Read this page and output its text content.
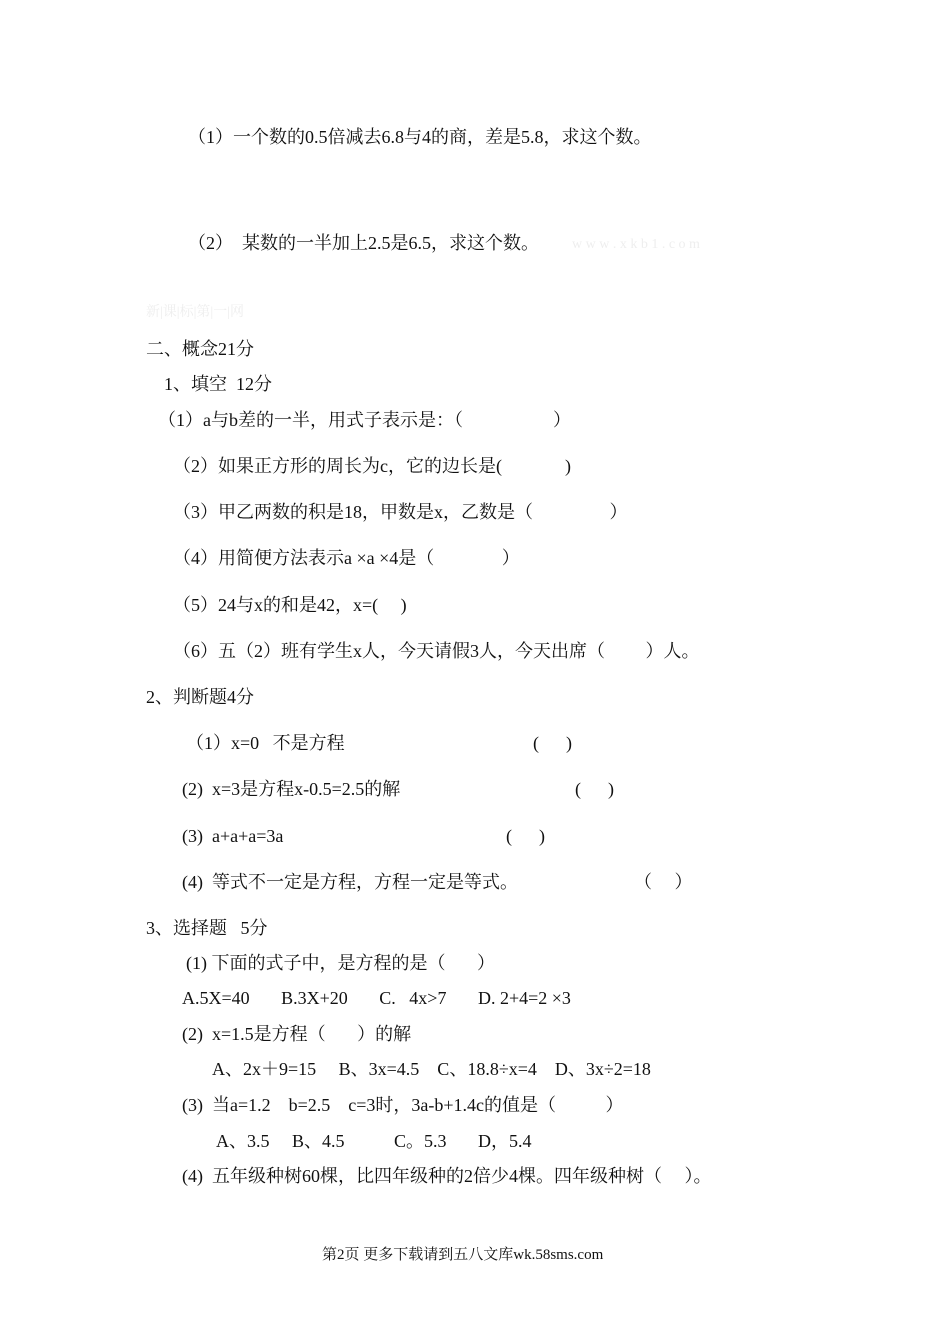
（1）一个数的0.5倍减去6.8与4的商，差是5.8，求这个数。
（2）　某数的一半加上2.5是6.5，求这个数。 w w w . x k b 1 . c o m
新|课|标|第|一|网
二、概念21分
1、填空  12分
（1）a与b差的一半，用式子表示是：（                    ）
（2）如果正方形的周长为c，它的边长是(              )
（3）甲乙两数的积是18，甲数是x，乙数是（                 ）
（4）用简便方法表示a ×a ×4是（               ）
（5）24与x的和是42，x=(     )
（6）五（2）班有学生x人，今天请假3人，今天出席（         ）人。
2、判断题4分
（1）x=0   不是方程	(      )
(2)  x=3是方程x-0.5=2.5的解	(      )
(3)  a+a+a=3a	(      )
(4)  等式不一定是方程，方程一定是等式。	（     ）
3、选择题   5分
(1) 下面的式子中，是方程的是（       ）
A.5X=40       B.3X+20       C.   4x>7       D. 2+4=2 ×3
(2)  x=1.5是方程（       ）的解
A、2x＋9=15     B、3x=4.5    C、18.8÷x=4    D、3x÷2=18
(3)  当a=1.2    b=2.5    c=3时，3a-b+1.4c的值是（           ）
A、3.5     B、4.5           C。5.3       D，5.4
(4)  五年级种树60棵，比四年级种的2倍少4棵。四年级种树（     ）。
第2页 更多下载请到五八文库wk.58sms.com
